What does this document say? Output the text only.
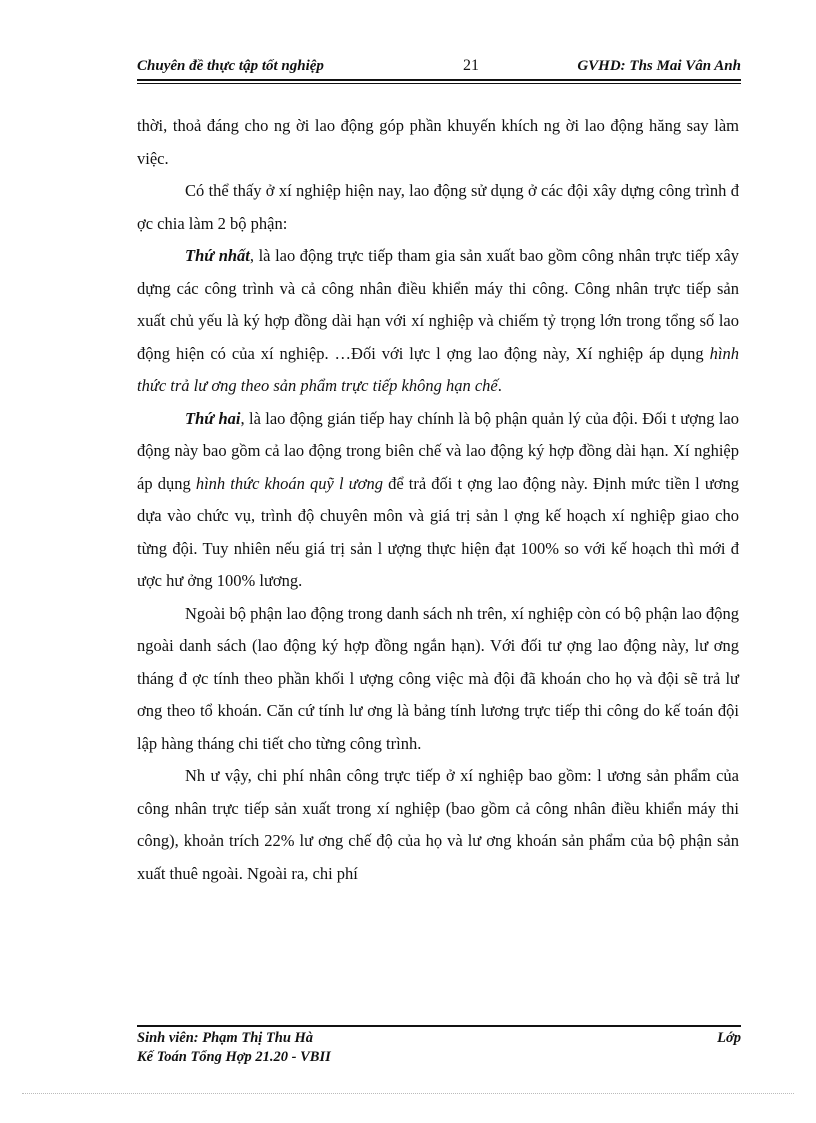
Chuyên đề thực tập tốt nghiệp	21	GVHD: Ths Mai Vân Anh

thời, thoả đáng cho ng ời lao động góp phần khuyến khích ng ời lao động hăng say làm việc.

Có thể thấy ở xí nghiệp hiện nay, lao động sử dụng ở các đội xây dựng công trình đ ợc chia làm 2 bộ phận:

Thứ nhất, là lao động trực tiếp tham gia sản xuất bao gồm công nhân trực tiếp xây dựng các công trình và cả công nhân điều khiển máy thi công. Công nhân trực tiếp sản xuất chủ yếu là ký hợp đồng dài hạn với xí nghiệp và chiếm tỷ trọng lớn trong tổng số lao động hiện có của xí nghiệp. …Đối với lực l ợng lao động này, Xí nghiệp áp dụng hình thức trả lư ơng theo sản phẩm trực tiếp không hạn chế.

Thứ hai, là lao động gián tiếp hay chính là bộ phận quản lý của đội. Đối t ượng lao động này bao gồm cả lao động trong biên chế và lao động ký hợp đồng dài hạn. Xí nghiệp áp dụng hình thức khoán quỹ l ương để trả đối t ợng lao động này. Định mức tiền l ương dựa vào chức vụ, trình độ chuyên môn và giá trị sản l ợng kế hoạch xí nghiệp giao cho từng đội. Tuy nhiên nếu giá trị sản l ượng thực hiện đạt 100% so với kế hoạch thì mới đ ược hư ởng 100% lương.

Ngoài bộ phận lao động trong danh sách nh trên, xí nghiệp còn có bộ phận lao động ngoài danh sách (lao động ký hợp đồng ngắn hạn). Với đối tư ợng lao động này, lư ơng tháng đ ợc tính theo phần khối l ượng công việc mà đội đã khoán cho họ và đội sẽ trả lư ơng theo tổ khoán. Căn cứ tính lư ơng là bảng tính lương trực tiếp thi công do kế toán đội lập hàng tháng chi tiết cho từng công trình.

Nh ư vậy, chi phí nhân công trực tiếp ở xí nghiệp bao gồm: l ương sản phẩm của công nhân trực tiếp sản xuất trong xí nghiệp (bao gồm cả công nhân điều khiển máy thi công), khoản trích 22% lư ơng chế độ của họ và lư ơng khoán sản phẩm của bộ phận sản xuất thuê ngoài. Ngoài ra, chi phí

Sinh viên: Phạm Thị Thu Hà
Kế Toán Tổng Hợp 21.20 - VBII
Lớp
